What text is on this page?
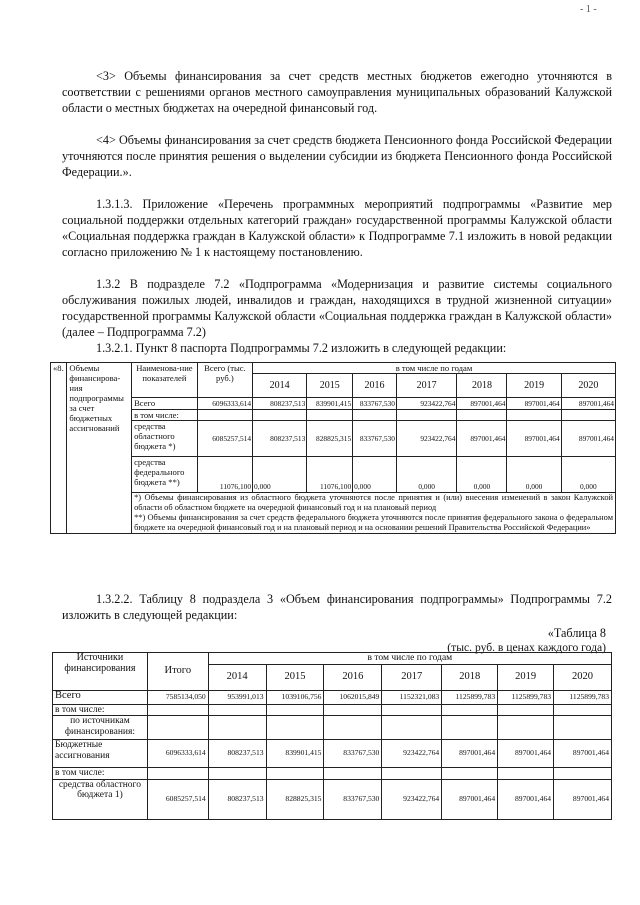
- 1 -

<3> Объемы финансирования за счет средств местных бюджетов ежегодно уточняются в соответствии с решениями органов местного самоуправления муниципальных образований Калужской области о местных бюджетах на очередной финансовый год.

<4> Объемы финансирования за счет средств бюджета Пенсионного фонда Российской Федерации уточняются после принятия решения о выделении субсидии из бюджета Пенсионного фонда Российской Федерации.».

1.3.1.3. Приложение «Перечень программных мероприятий подпрограммы «Развитие мер социальной поддержки отдельных категорий граждан» государственной программы Калужской области «Социальная поддержка граждан в Калужской области» к Подпрограмме 7.1 изложить в новой редакции согласно приложению № 1 к настоящему постановлению.

1.3.2 В подразделе 7.2 «Подпрограмма «Модернизация и развитие системы социального обслуживания пожилых людей, инвалидов и граждан, находящихся в трудной жизненной ситуации» государственной программы Калужской области «Социальная поддержка граждан в Калужской области» (далее – Подпрограмма 7.2)

1.3.2.1. Пункт 8 паспорта Подпрограммы 7.2 изложить в следующей редакции:

«8.	Объемы финансирова-ния подпрограммы за счет бюджетных ассигнований	Наименова-ние показателей	Всего (тыс. руб.)	в том числе по годам						
				2014	2015	2016	2017	2018	2019	2020
		Всего	6096333,614	808237,513	839901,415	833767,530	923422,764	897001,464	897001,464	897001,464
		в том числе:								
		средства областного бюджета *)	6085257,514	808237,513	828825,315	833767,530	923422,764	897001,464	897001,464	897001,464
		средства федерального бюджета **)	11076,100	0,000	11076,100	0,000	0,000	0,000	0,000	0,000

		*) Объемы финансирования из областного бюджета уточняются после принятия и (или) внесения изменений в закон Калужской области об областном бюджете на очередной финансовый год и на плановый период
**) Объемы финансирования за счет средств федерального бюджета уточняются после принятия федерального закона о федеральном бюджете на очередной финансовый год и на плановый период и на основании решений Правительства Российской Федерации»								

1.3.2.2. Таблицу 8 подраздела 3 «Объем финансирования подпрограммы» Подпрограммы 7.2 изложить в следующей редакции:

«Таблица 8
(тыс. руб. в ценах каждого года)
Источники финансирования	Итого	в том числе по годам						
		2014	2015	2016	2017	2018	2019	2020
Всего	7585134,050	953991,013	1039106,756	1062015,849	1152321,083	1125899,783	1125899,783	1125899,783
в том числе:								
по источникам финансирования:								
Бюджетные ассигнования	6096333,614	808237,513	839901,415	833767,530	923422,764	897001,464	897001,464	897001,464
в том числе:								
средства областного бюджета 1)	6085257,514	808237,513	828825,315	833767,530	923422,764	897001,464	897001,464	897001,464
